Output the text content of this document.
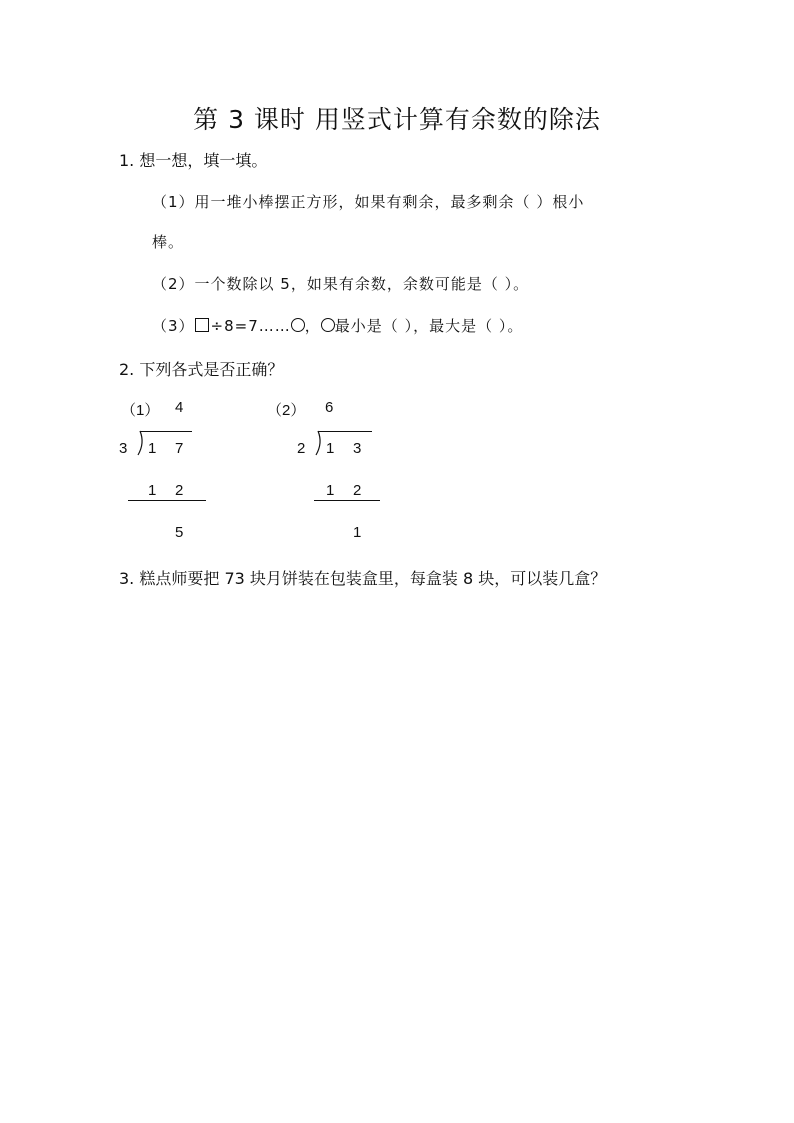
第 3 课时 用竖式计算有余数的除法
1. 想一想，填一填。
（1）用一堆小棒摆正方形，如果有剩余，最多剩余（ ）根小
棒。
（2）一个数除以 5，如果有余数，余数可能是（ ）。
（3） ÷8=7…… ， 最小是（ ），最大是（ ）。
2. 下列各式是否正确？
（1） 4
3 1 7
1 2
5
（2） 6
2 1 3
1 2
1
3. 糕点师要把 73 块月饼装在包装盒里，每盒装 8 块，可以装几盒？
